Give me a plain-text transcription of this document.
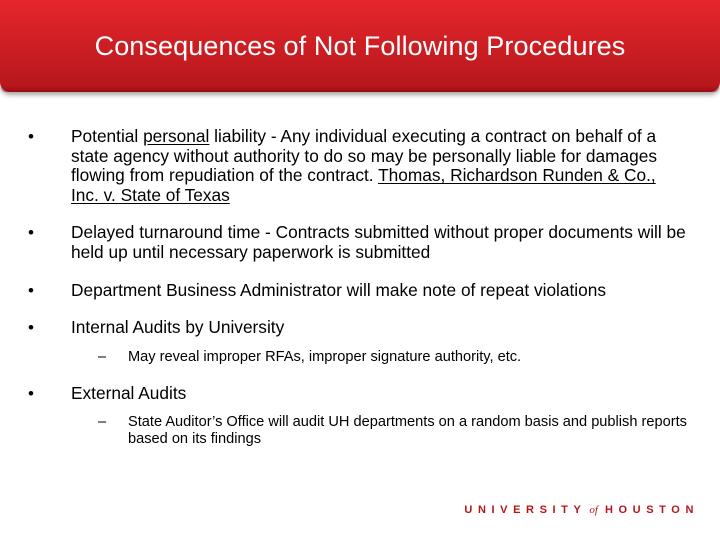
Consequences of Not Following Procedures
• Potential personal liability - Any individual executing a contract on behalf of a state agency without authority to do so may be personally liable for damages flowing from repudiation of the contract. Thomas, Richardson Runden & Co., Inc. v. State of Texas
• Delayed turnaround time - Contracts submitted without proper documents will be held up until necessary paperwork is submitted
• Department Business Administrator will make note of repeat violations
• Internal Audits by University
– May reveal improper RFAs, improper signature authority, etc.
• External Audits
– State Auditor’s Office will audit UH departments on a random basis and publish reports based on its findings
UNIVERSITY of HOUSTON
